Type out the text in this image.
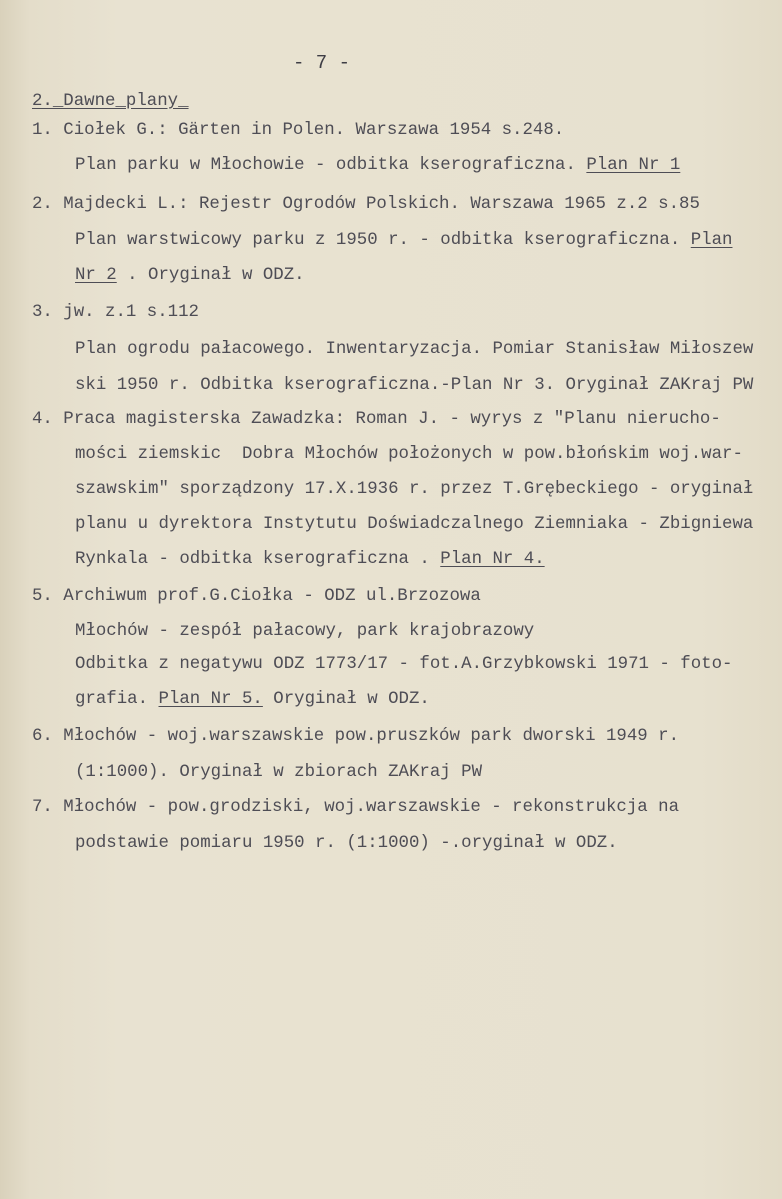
- 7 -
2._Dawne_plany_
1. Ciołek G.: Gärten in Polen. Warszawa 1954 s.248.
Plan parku w Młochowie - odbitka kserograficzna. Plan Nr 1
2. Majdecki L.: Rejestr Ogrodów Polskich. Warszawa 1965 z.2 s.85
Plan warstwicowy parku z 1950 r. - odbitka kserograficzna. Plan
Nr 2 . Oryginał w ODZ.
3. jw. z.1 s.112
Plan ogrodu pałacowego. Inwentaryzacja. Pomiar Stanisław Miłoszew
ski 1950 r. Odbitka kserograficzna.-Plan Nr 3. Oryginał ZAKraj PW
4. Praca magisterska Zawadzka: Roman J. - wyrys z "Planu nierucho-
mości ziemskic  Dobra Młochów położonych w pow.błońskim woj.war-
szawskim" sporządzony 17.X.1936 r. przez T.Grębeckiego - oryginał
planu u dyrektora Instytutu Doświadczalnego Ziemniaka - Zbigniewa
Rynkala - odbitka kserograficzna . Plan Nr 4.
5. Archiwum prof.G.Ciołka - ODZ ul.Brzozowa
Młochów - zespół pałacowy, park krajobrazowy
Odbitka z negatywu ODZ 1773/17 - fot.A.Grzybkowski 1971 - foto-
grafia. Plan Nr 5. Oryginał w ODZ.
6. Młochów - woj.warszawskie pow.pruszków park dworski 1949 r.
(1:1000). Oryginał w zbiorach ZAKraj PW
7. Młochów - pow.grodziski, woj.warszawskie - rekonstrukcja na
podstawie pomiaru 1950 r. (1:1000) -.oryginał w ODZ.
